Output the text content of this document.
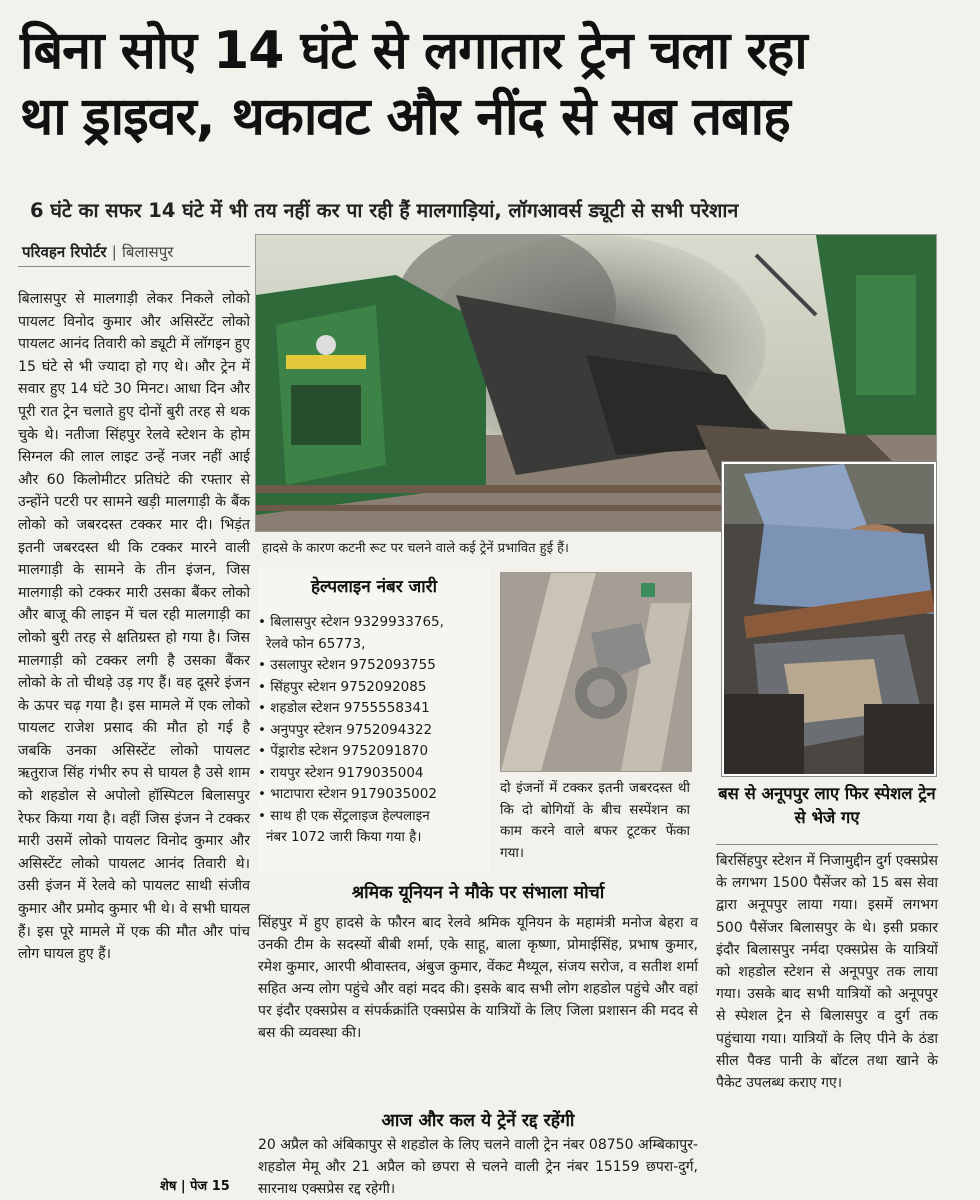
बिना सोए 14 घंटे से लगातार ट्रेन चला रहा
था ड्राइवर, थकावट और नींद से सब तबाह
6 घंटे का सफर 14 घंटे में भी तय नहीं कर पा रही हैं मालगाड़ियां, लॉगआवर्स ड्यूटी से सभी परेशान
परिवहन रिपोर्टर | बिलासपुर
बिलासपुर से मालगाड़ी लेकर निकले लोको पायलट विनोद कुमार और असिस्टेंट लोको पायलट आनंद तिवारी को ड्यूटी में लॉगइन हुए 15 घंटे से भी ज्यादा हो गए थे। और ट्रेन में सवार हुए 14 घंटे 30 मिनट। आधा दिन और पूरी रात ट्रेन चलाते हुए दोनों बुरी तरह से थक चुके थे। नतीजा सिंहपुर रेलवे स्टेशन के होम सिग्नल की लाल लाइट उन्हें नजर नहीं आई और 60 किलोमीटर प्रतिघंटे की रफ्तार से उन्होंने पटरी पर सामने खड़ी मालगाड़ी के बैंक लोको को जबरदस्त टक्कर मार दी। भिड़ंत इतनी जबरदस्त थी कि टक्कर मारने वाली मालगाड़ी के सामने के तीन इंजन, जिस मालगाड़ी को टक्कर मारी उसका बैंकर लोको और बाजू की लाइन में चल रही मालगाड़ी का लोको बुरी तरह से क्षतिग्रस्त हो गया है। जिस मालगाड़ी को टक्कर लगी है उसका बैंकर लोको के तो चीथड़े उड़ गए हैं। वह दूसरे इंजन के ऊपर चढ़ गया है। इस मामले में एक लोको पायलट राजेश प्रसाद की मौत हो गई है जबकि उनका असिस्टेंट लोको पायलट ऋतुराज सिंह गंभीर रुप से घायल है उसे शाम को शहडोल से अपोलो हॉस्पिटल बिलासपुर रेफर किया गया है। वहीं जिस इंजन ने टक्कर मारी उसमें लोको पायलट विनोद कुमार और असिस्टेंट लोको पायलट आनंद तिवारी थे। उसी इंजन में रेलवे को पायलट साथी संजीव कुमार और प्रमोद कुमार भी थे। वे सभी घायल हैं। इस पूरे मामले में एक की मौत और पांच लोग घायल हुए हैं।
शेष | पेज 15
हादसे के कारण कटनी रूट पर चलने वाले कई ट्रेनें प्रभावित हुई हैं।
हेल्पलाइन नंबर जारी
• बिलासपुर स्टेशन 9329933765,
रेलवे फोन 65773,
• उसलापुर स्टेशन 9752093755
• सिंहपुर स्टेशन 9752092085
• शहडोल स्टेशन 9755558341
• अनुपपुर स्टेशन 9752094322
• पेंड्रारोड स्टेशन 9752091870
• रायपुर स्टेशन 9179035004
• भाटापारा स्टेशन 9179035002
• साथ ही एक सेंट्रलाइज हेल्पलाइन
नंबर 1072 जारी किया गया है।
दो इंजनों में टक्कर इतनी जबरदस्त थी कि दो बोगियों के बीच सस्पेंशन का काम करने वाले बफर टूटकर फेंका गया।
श्रमिक यूनियन ने मौके पर संभाला मोर्चा
सिंहपुर में हुए हादसे के फौरन बाद रेलवे श्रमिक यूनियन के महामंत्री मनोज बेहरा व उनकी टीम के सदस्यों बीबी शर्मा, एके साहू, बाला कृष्णा, प्रोमाईसिंह, प्रभाष कुमार, रमेश कुमार, आरपी श्रीवास्तव, अंबुज कुमार, वेंकट मैथ्यूल, संजय सरोज, व सतीश शर्मा सहित अन्य लोग पहुंचे और वहां मदद की। इसके बाद सभी लोग शहडोल पहुंचे और वहां पर इंदौर एक्सप्रेस व संपर्कक्रांति एक्सप्रेस के यात्रियों के लिए जिला प्रशासन की मदद से बस की व्यवस्था की।
आज और कल ये ट्रेनें रद्द रहेंगी
20 अप्रैल को अंबिकापुर से शहडोल के लिए चलने वाली ट्रेन नंबर 08750 अम्बिकापुर-शहडोल मेमू और 21 अप्रैल को छपरा से चलने वाली ट्रेन नंबर 15159 छपरा-दुर्ग, सारनाथ एक्सप्रेस रद्द रहेगी।
बस से अनूपपुर लाए फिर स्पेशल ट्रेन से भेजे गए
बिरसिंहपुर स्टेशन में निजामुद्दीन दुर्ग एक्सप्रेस के लगभग 1500 पैसेंजर को 15 बस सेवा द्वारा अनूपपुर लाया गया। इसमें लगभग 500 पैसेंजर बिलासपुर के थे। इसी प्रकार इंदौर बिलासपुर नर्मदा एक्सप्रेस के यात्रियों को शहडोल स्टेशन से अनूपपुर तक लाया गया। उसके बाद सभी यात्रियों को अनूपपुर से स्पेशल ट्रेन से बिलासपुर व दुर्ग तक पहुंचाया गया। यात्रियों के लिए पीने के ठंडा सील पैक्ड पानी के बॉटल तथा खाने के पैकेट उपलब्ध कराए गए।
